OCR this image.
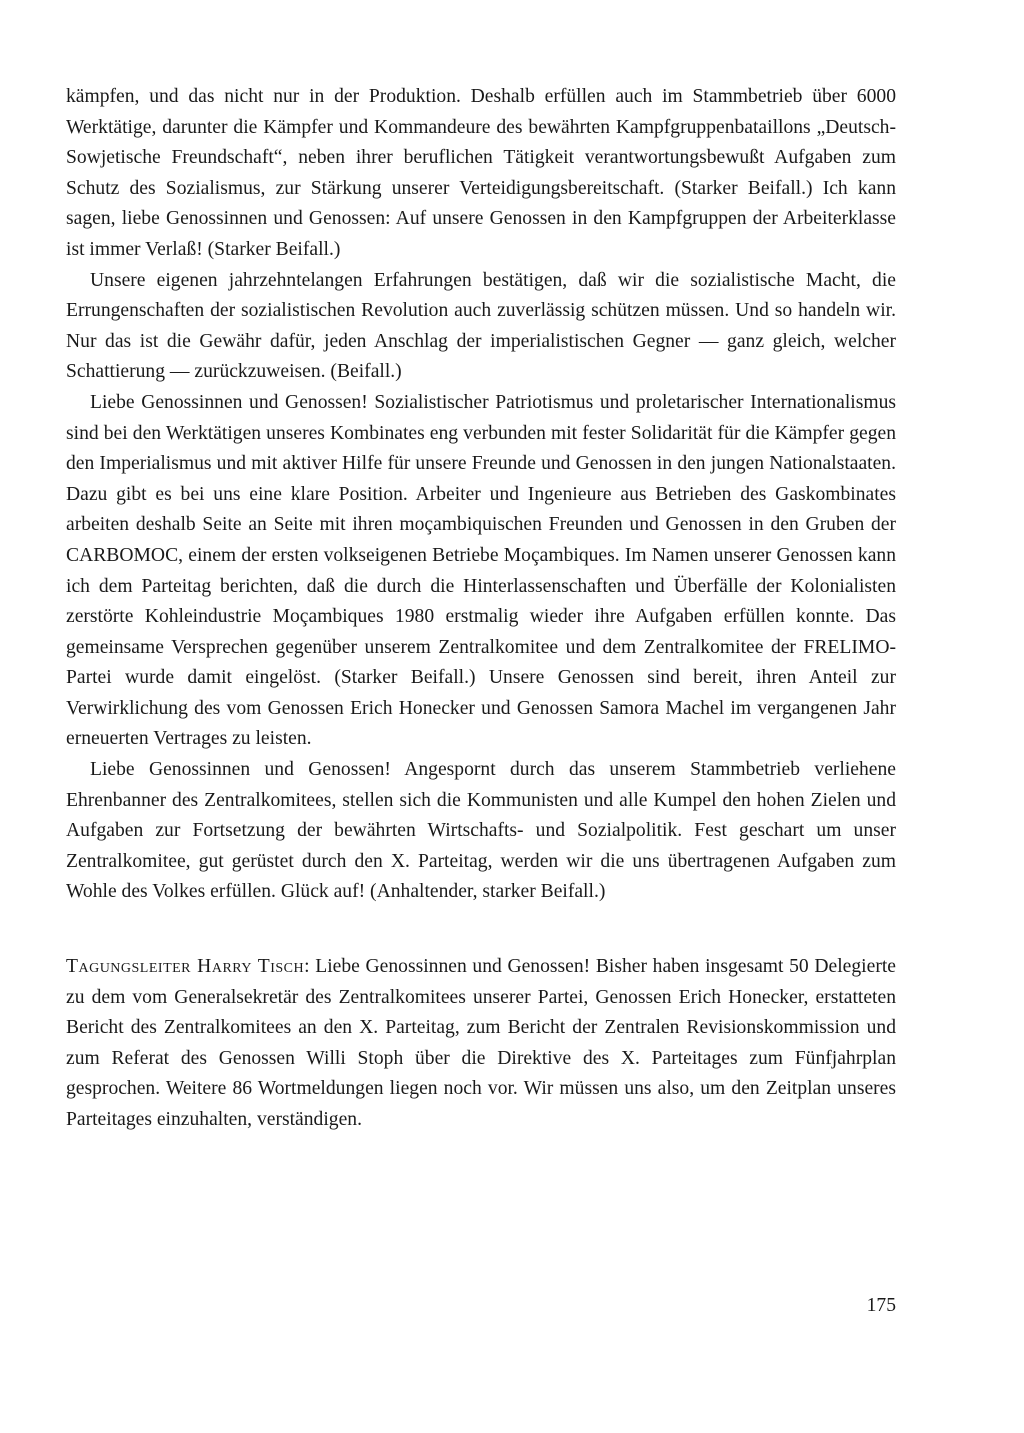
kämpfen, und das nicht nur in der Produktion. Deshalb erfüllen auch im Stammbetrieb über 6000 Werktätige, darunter die Kämpfer und Kommandeure des bewährten Kampfgruppenbataillons „Deutsch-Sowjetische Freundschaft“, neben ihrer beruflichen Tätigkeit verantwortungsbewußt Aufgaben zum Schutz des Sozialismus, zur Stärkung unserer Verteidigungsbereitschaft. (Starker Beifall.) Ich kann sagen, liebe Genossinnen und Genossen: Auf unsere Genossen in den Kampfgruppen der Arbeiterklasse ist immer Verlaß! (Starker Beifall.)

Unsere eigenen jahrzehntelangen Erfahrungen bestätigen, daß wir die sozialistische Macht, die Errungenschaften der sozialistischen Revolution auch zuverlässig schützen müssen. Und so handeln wir. Nur das ist die Gewähr dafür, jeden Anschlag der imperialistischen Gegner — ganz gleich, welcher Schattierung — zurückzuweisen. (Beifall.)

Liebe Genossinnen und Genossen! Sozialistischer Patriotismus und proletarischer Internationalismus sind bei den Werktätigen unseres Kombinates eng verbunden mit fester Solidarität für die Kämpfer gegen den Imperialismus und mit aktiver Hilfe für unsere Freunde und Genossen in den jungen Nationalstaaten. Dazu gibt es bei uns eine klare Position. Arbeiter und Ingenieure aus Betrieben des Gaskombinates arbeiten deshalb Seite an Seite mit ihren moçambiquischen Freunden und Genossen in den Gruben der CARBOMOC, einem der ersten volkseigenen Betriebe Moçambiques. Im Namen unserer Genossen kann ich dem Parteitag berichten, daß die durch die Hinterlassenschaften und Überfälle der Kolonialisten zerstörte Kohleindustrie Moçambiques 1980 erstmalig wieder ihre Aufgaben erfüllen konnte. Das gemeinsame Versprechen gegenüber unserem Zentralkomitee und dem Zentralkomitee der FRELIMO-Partei wurde damit eingelöst. (Starker Beifall.) Unsere Genossen sind bereit, ihren Anteil zur Verwirklichung des vom Genossen Erich Honecker und Genossen Samora Machel im vergangenen Jahr erneuerten Vertrages zu leisten.

Liebe Genossinnen und Genossen! Angespornt durch das unserem Stammbetrieb verliehene Ehrenbanner des Zentralkomitees, stellen sich die Kommunisten und alle Kumpel den hohen Zielen und Aufgaben zur Fortsetzung der bewährten Wirtschafts- und Sozialpolitik. Fest geschart um unser Zentralkomitee, gut gerüstet durch den X. Parteitag, werden wir die uns übertragenen Aufgaben zum Wohle des Volkes erfüllen. Glück auf! (Anhaltender, starker Beifall.)

Tagungsleiter Harry Tisch: Liebe Genossinnen und Genossen! Bisher haben insgesamt 50 Delegierte zu dem vom Generalsekretär des Zentralkomitees unserer Partei, Genossen Erich Honecker, erstatteten Bericht des Zentralkomitees an den X. Parteitag, zum Bericht der Zentralen Revisionskommission und zum Referat des Genossen Willi Stoph über die Direktive des X. Parteitages zum Fünfjahrplan gesprochen. Weitere 86 Wortmeldungen liegen noch vor. Wir müssen uns also, um den Zeitplan unseres Parteitages einzuhalten, verständigen.

175
